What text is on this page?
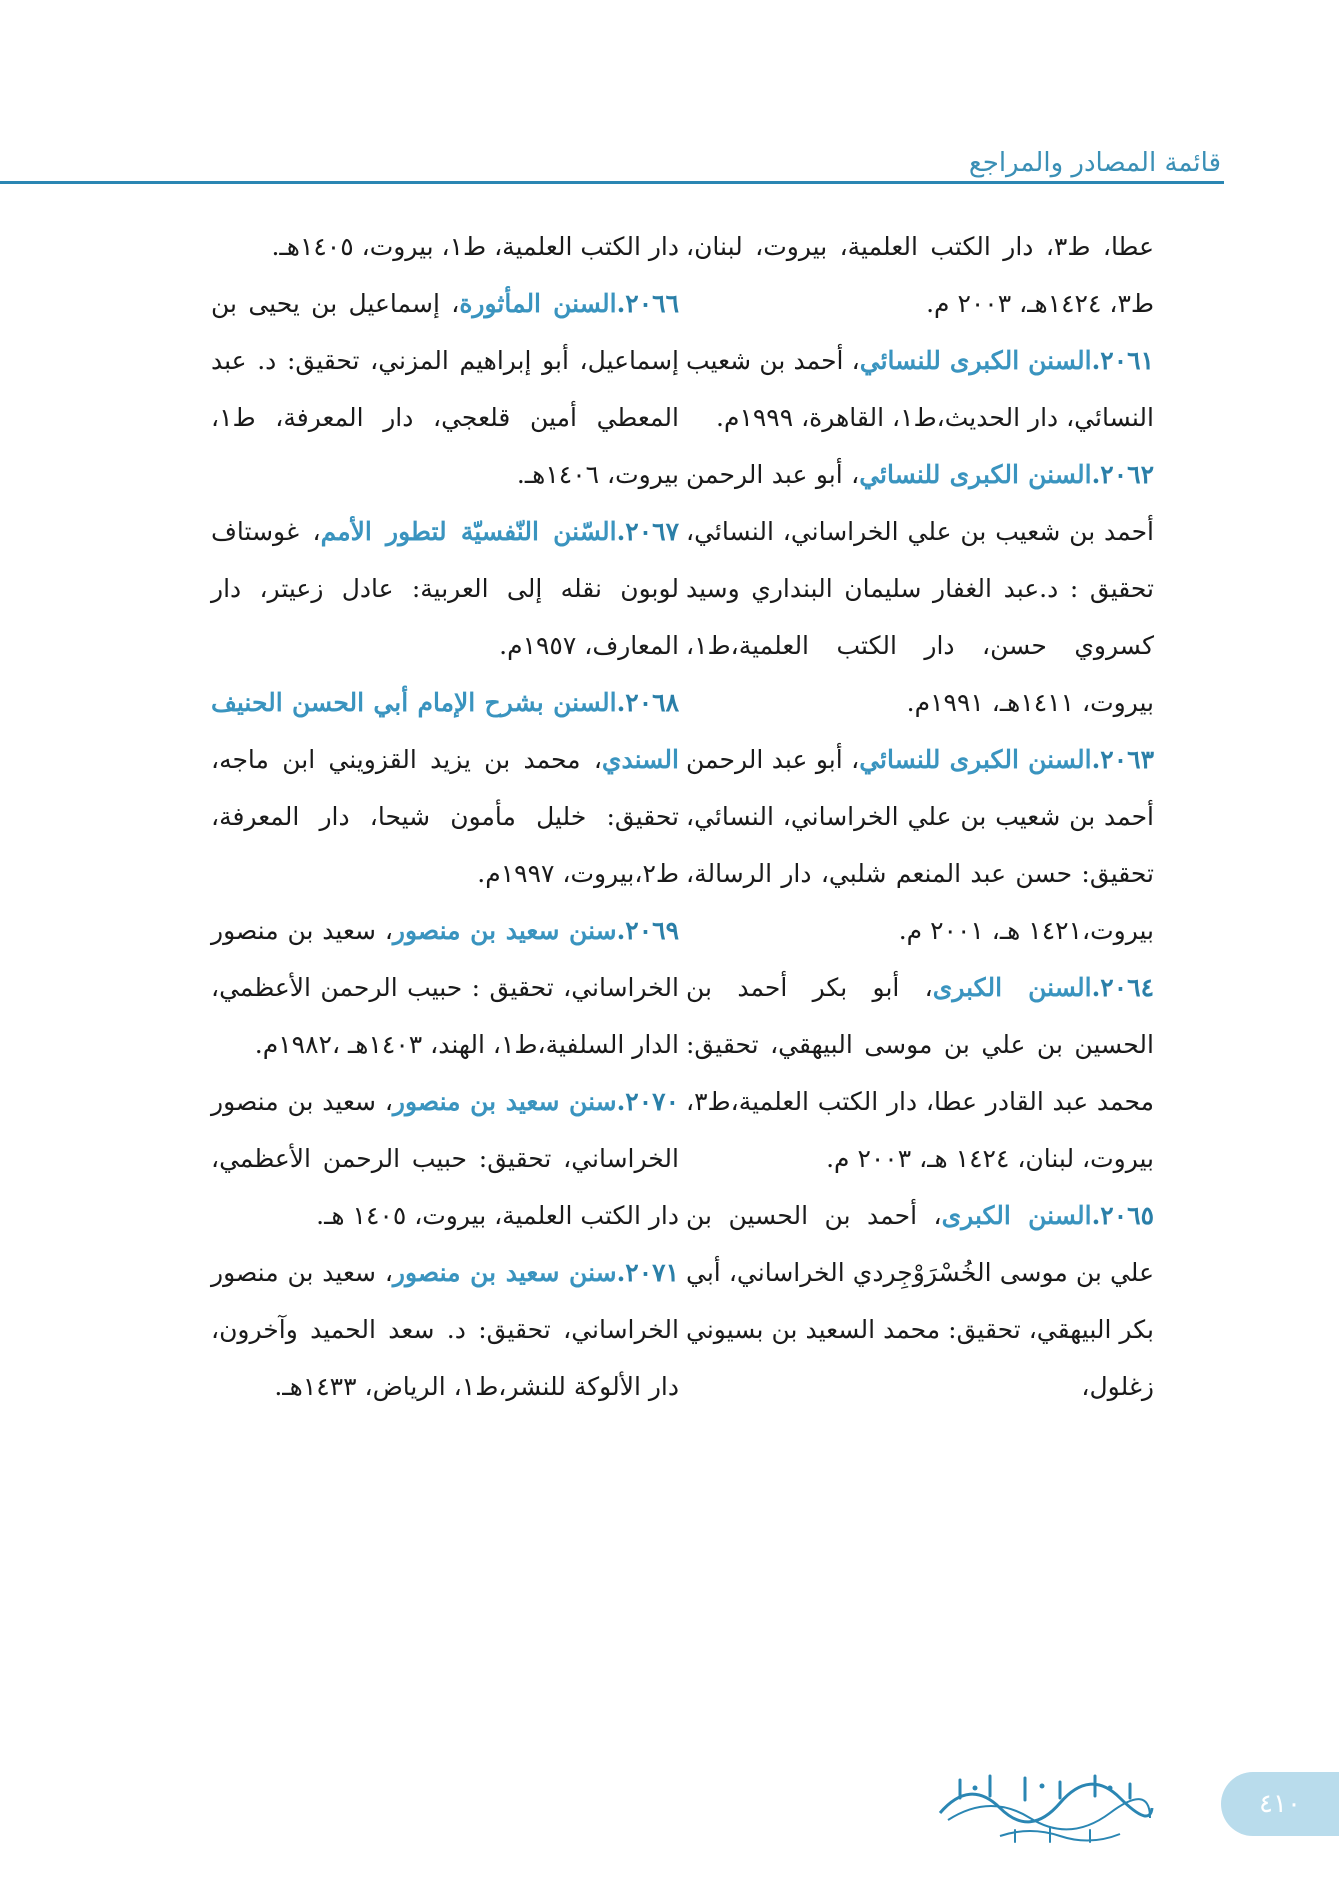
قائمة المصادر والمراجع
عطا، ط٣، دار الكتب العلمية، بيروت، لبنان، ط٣، ١٤٢٤هـ، ٢٠٠٣ م.
٢٠٦١.السنن الكبرى للنسائي، أحمد بن شعيب النسائي، دار الحديث،ط١، القاهرة، ١٩٩٩م.
٢٠٦٢.السنن الكبرى للنسائي، أبو عبد الرحمن أحمد بن شعيب بن علي الخراساني، النسائي، تحقيق : د.عبد الغفار سليمان البنداري وسيد كسروي حسن، دار الكتب العلمية،ط١، بيروت، ١٤١١هـ، ١٩٩١م.
٢٠٦٣.السنن الكبرى للنسائي، أبو عبد الرحمن أحمد بن شعيب بن علي الخراساني، النسائي، تحقيق: حسن عبد المنعم شلبي، دار الرسالة، بيروت،١٤٢١ هـ، ٢٠٠١ م.
٢٠٦٤.السنن الكبرى، أبو بكر أحمد بن الحسين بن علي بن موسى البيهقي، تحقيق: محمد عبد القادر عطا، دار الكتب العلمية،ط٣، بيروت، لبنان، ١٤٢٤ هـ، ٢٠٠٣ م.
٢٠٦٥.السنن الكبرى، أحمد بن الحسين بن علي بن موسى الخُسْرَوْجِردي الخراساني، أبي بكر البيهقي، تحقيق: محمد السعيد بن بسيوني زغلول،
دار الكتب العلمية، ط١، بيروت، ١٤٠٥هـ.
٢٠٦٦.السنن المأثورة، إسماعيل بن يحيى بن إسماعيل، أبو إبراهيم المزني، تحقيق: د. عبد المعطي أمين قلعجي، دار المعرفة، ط١، بيروت، ١٤٠٦هـ.
٢٠٦٧.السّنن النّفسيّة لتطور الأمم، غوستاف لوبون نقله إلى العربية: عادل زعيتر، دار المعارف، ١٩٥٧م.
٢٠٦٨.السنن بشرح الإمام أبي الحسن الحنيف السندي، محمد بن يزيد القزويني ابن ماجه، تحقيق: خليل مأمون شيحا، دار المعرفة، ط٢،بيروت، ١٩٩٧م.
٢٠٦٩.سنن سعيد بن منصور، سعيد بن منصور الخراساني، تحقيق : حبيب الرحمن الأعظمي، الدار السلفية،ط١، الهند، ١٤٠٣هـ ،١٩٨٢م.
٢٠٧٠.سنن سعيد بن منصور، سعيد بن منصور الخراساني، تحقيق: حبيب الرحمن الأعظمي، دار الكتب العلمية، بيروت، ١٤٠٥ هـ.
٢٠٧١.سنن سعيد بن منصور، سعيد بن منصور الخراساني، تحقيق: د. سعد الحميد وآخرون، دار الألوكة للنشر،ط١، الرياض، ١٤٣٣هـ.
٤١٠
